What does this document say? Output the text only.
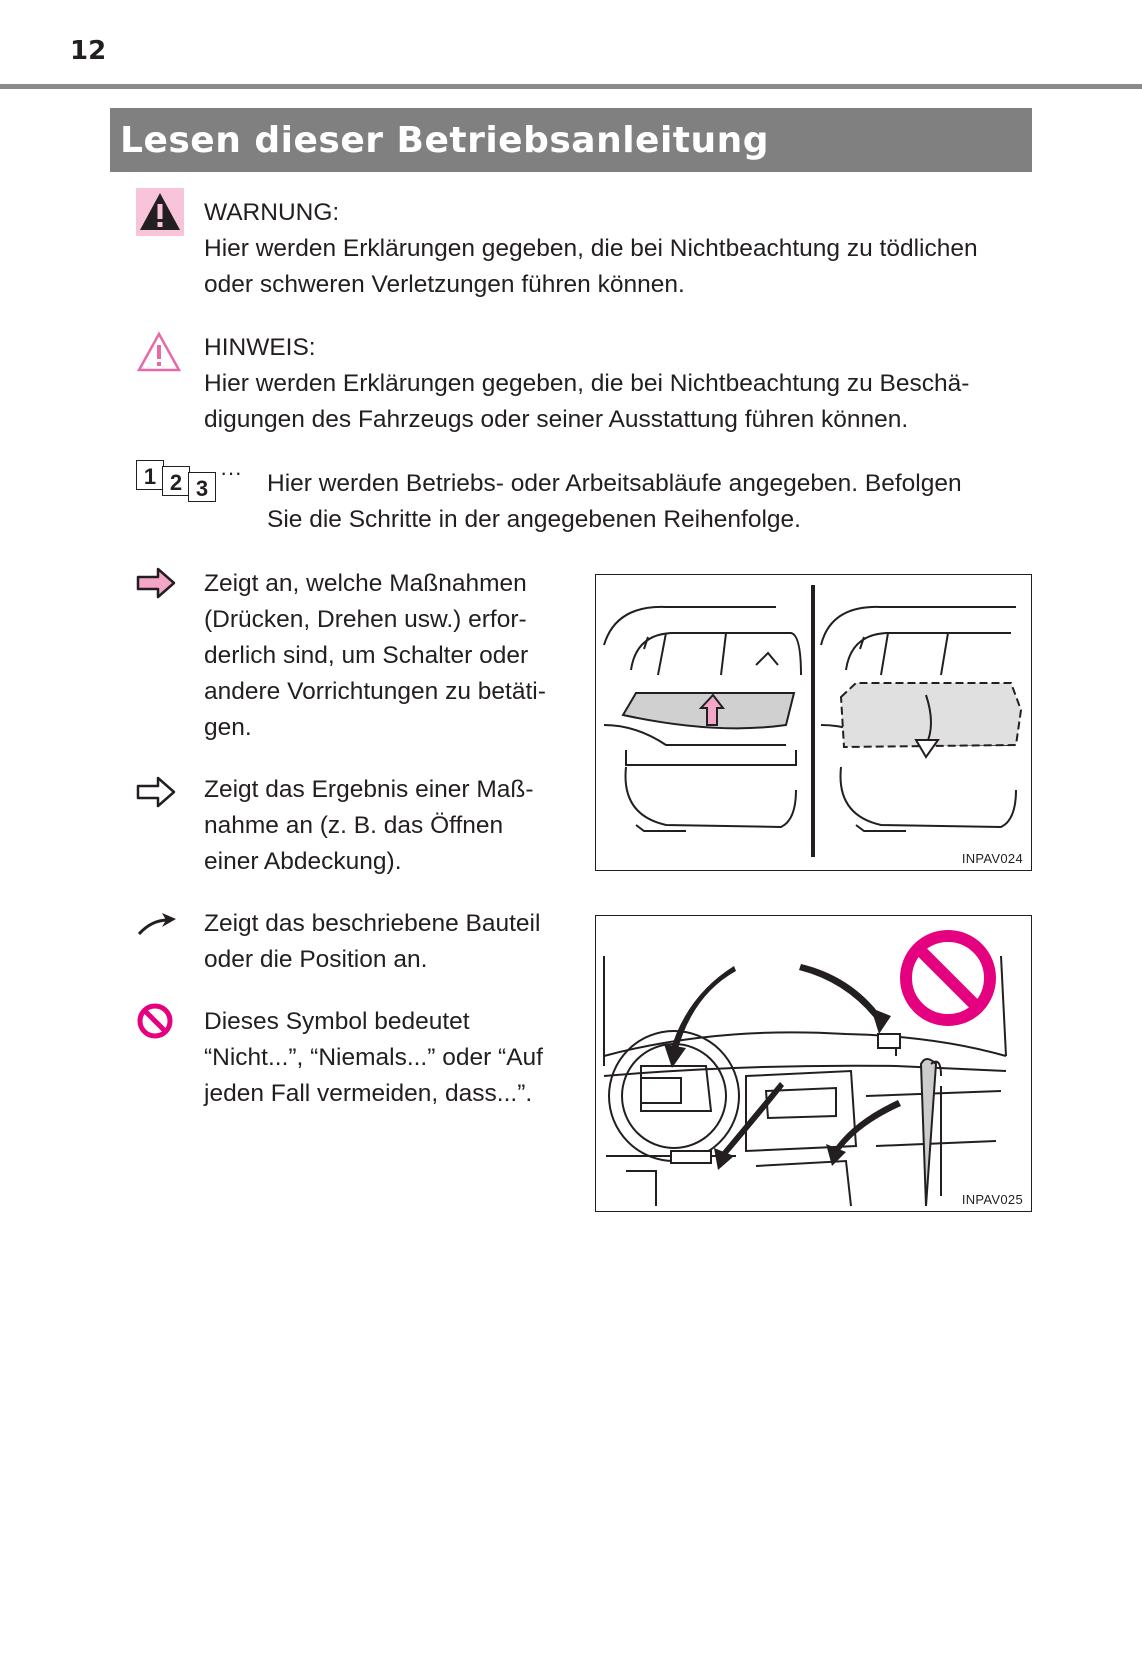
12
Lesen dieser Betriebsanleitung
WARNUNG:
Hier werden Erklärungen gegeben, die bei Nichtbeachtung zu tödlichen
oder schweren Verletzungen führen können.
HINWEIS:
Hier werden Erklärungen gegeben, die bei Nichtbeachtung zu Beschä-
digungen des Fahrzeugs oder seiner Ausstattung führen können.
1 2 3
··· Hier werden Betriebs- oder Arbeitsabläufe angegeben. Befolgen
Sie die Schritte in der angegebenen Reihenfolge.
Zeigt an, welche Maßnahmen
(Drücken, Drehen usw.) erfor-
derlich sind, um Schalter oder
andere Vorrichtungen zu betäti-
gen.
Zeigt das Ergebnis einer Maß-
nahme an (z. B. das Öffnen
einer Abdeckung).
Zeigt das beschriebene Bauteil
oder die Position an.
Dieses Symbol bedeutet
“Nicht...”, “Niemals...” oder “Auf
jeden Fall vermeiden, dass...”.
INPAV024
INPAV025
